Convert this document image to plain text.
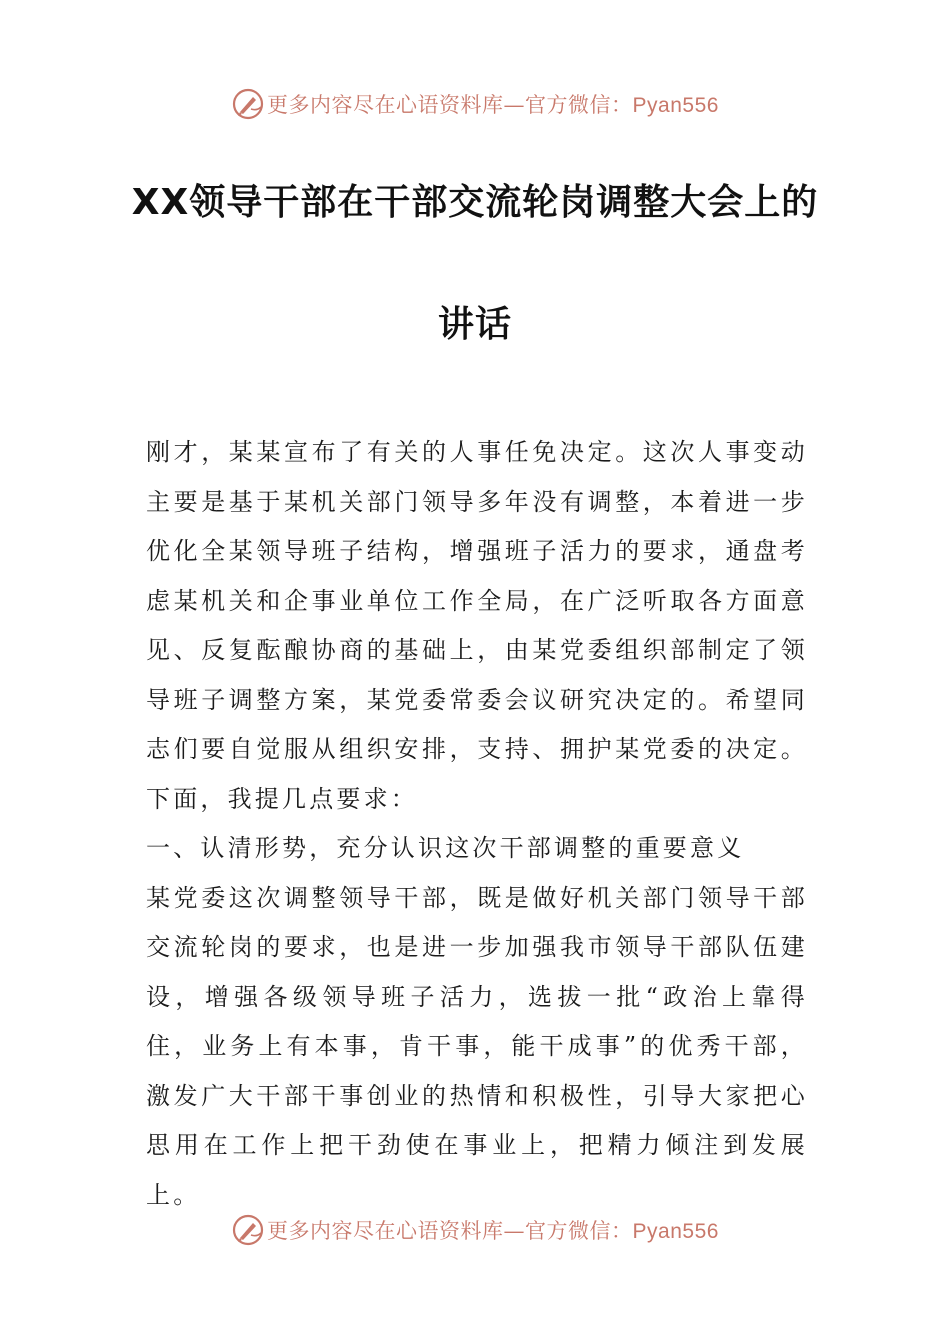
更多内容尽在心语资料库—官方微信：Pyan556
XX领导干部在干部交流轮岗调整大会上的
讲话

刚才，某某宣布了有关的人事任免决定。这次人事变动主要是基于某机关部门领导多年没有调整，本着进一步优化全某领导班子结构，增强班子活力的要求，通盘考虑某机关和企事业单位工作全局，在广泛听取各方面意见、反复酝酿协商的基础上，由某党委组织部制定了领导班子调整方案，某党委常委会议研究决定的。希望同志们要自觉服从组织安排，支持、拥护某党委的决定。下面，我提几点要求：

一、认清形势，充分认识这次干部调整的重要意义

某党委这次调整领导干部，既是做好机关部门领导干部交流轮岗的要求，也是进一步加强我市领导干部队伍建设，增强各级领导班子活力，选拔一批“政治上靠得住，业务上有本事，肯干事，能干成事”的优秀干部，激发广大干部干事创业的热情和积极性，引导大家把心思用在工作上把干劲使在事业上，把精力倾注到发展上。

更多内容尽在心语资料库—官方微信：Pyan556
